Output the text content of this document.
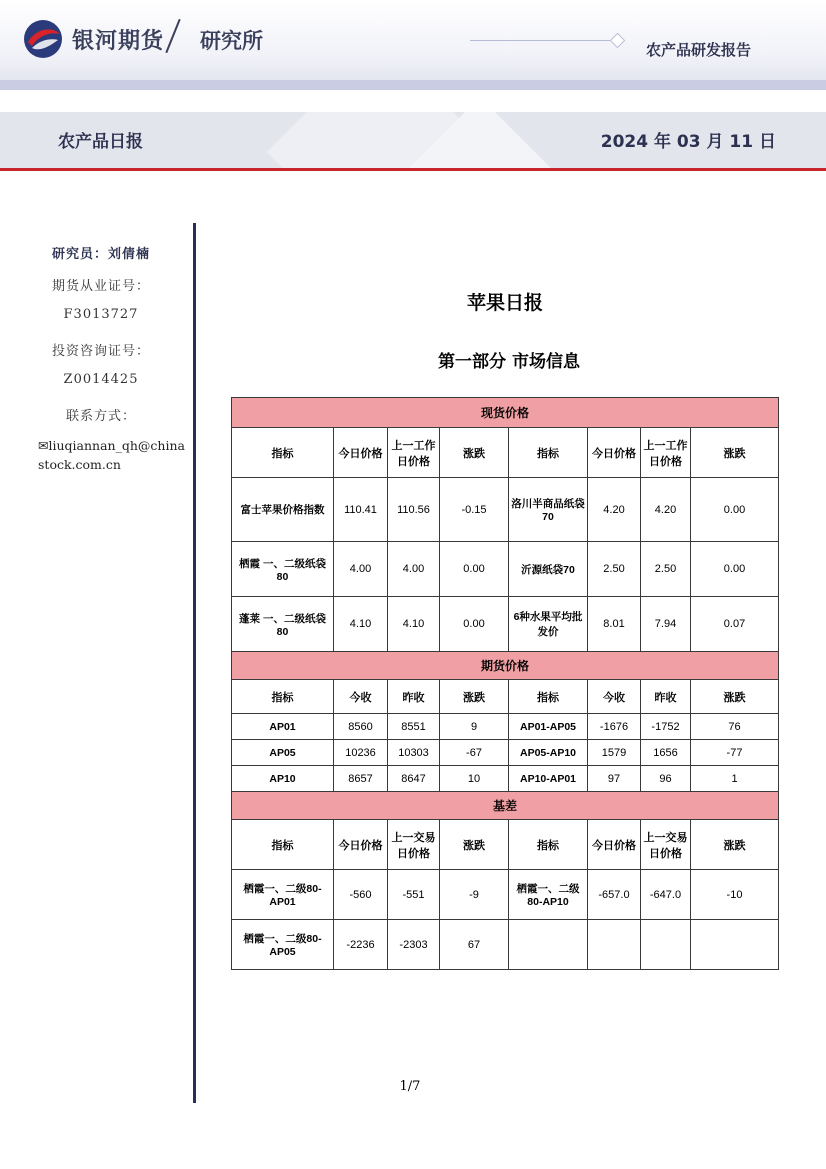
银河期货 研究所	农产品研发报告
农产品日报	2024 年 03 月 11 日
研究员：刘倩楠
期货从业证号：
F3013727
投资咨询证号：
Z0014425
联系方式：
✉liuqiannan_qh@chinastock.com.cn
苹果日报
第一部分 市场信息
现货价格							
指标	今日价格	上一工作日价格	涨跌	指标	今日价格	上一工作日价格	涨跌
富士苹果价格指数	110.41	110.56	-0.15	洛川半商品纸袋70	4.20	4.20	0.00
栖霞 一、二级纸袋 80	4.00	4.00	0.00	沂源纸袋70	2.50	2.50	0.00
蓬莱 一、二级纸袋 80	4.10	4.10	0.00	6种水果平均批发价	8.01	7.94	0.07
期货价格							
指标	今收	昨收	涨跌	指标	今收	昨收	涨跌
AP01	8560	8551	9	AP01-AP05	-1676	-1752	76
AP05	10236	10303	-67	AP05-AP10	1579	1656	-77
AP10	8657	8647	10	AP10-AP01	97	96	1
基差							
指标	今日价格	上一交易日价格	涨跌	指标	今日价格	上一交易日价格	涨跌
栖霞一、二级80-AP01	-560	-551	-9	栖霞一、二级80-AP10	-657.0	-647.0	-10
栖霞一、二级80-AP05	-2236	-2303	67				
1/7
